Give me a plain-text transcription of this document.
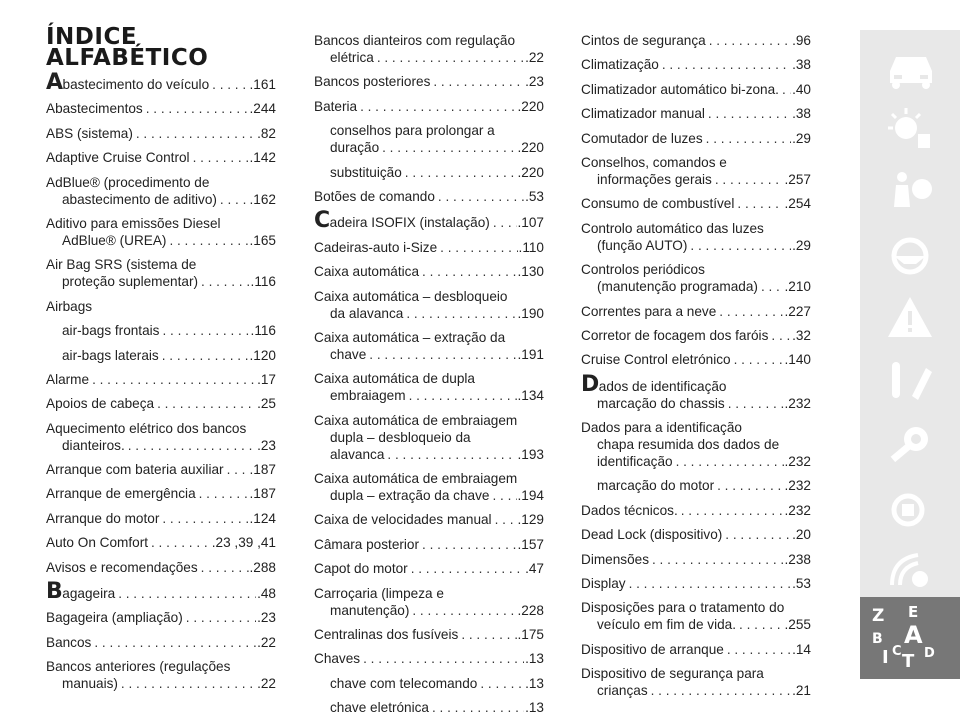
ÍNDICE
ALFABÉTICO
Abastecimento do veículo . . .	.161
Abastecimentos . . .	.244
ABS (sistema) . . .	.82
Adaptive Cruise Control . . .	.142
AdBlue® (procedimento de
abastecimento de aditivo) . . . .162
Aditivo para emissões Diesel
AdBlue® (UREA) . . .	.165
Air Bag SRS (sistema de
proteção suplementar) . . .	.116
Airbags
air-bags frontais . . .	.116
air-bags laterais . . .	.120
Alarme . . .	.17
Apoios de cabeça . . .	.25
Aquecimento elétrico dos bancos
dianteiros. . . .	.23
Arranque com bateria auxiliar . . . .187
Arranque de emergência . . .	.187
Arranque do motor . . .	.124
Auto On Comfort . . .	.23 ,39 ,41
Avisos e recomendações . . .	.288
Bagageira . . .	.48
Bagageira (ampliação) . . .	.23
Bancos . . .	.22
Bancos anteriores (regulações
manuais) . . .	.22
Bancos dianteiros com regulação
elétrica . . .	.22
Bancos posteriores . . .	.23
Bateria . . .	.220
conselhos para prolongar a
duração . . .	.220
substituição . . .	.220
Botões de comando . . .	.53
Cadeira ISOFIX (instalação) . . . .107
Cadeiras-auto i-Size . . .	.110
Caixa automática . . .	.130
Caixa automática – desbloqueio
da alavanca . . .	.190
Caixa automática – extração da
chave . . .	.191
Caixa automática de dupla
embraiagem . . .	.134
Caixa automática de embraiagem
dupla – desbloqueio da
alavanca . . .	.193
Caixa automática de embraiagem
dupla – extração da chave . . . .194
Caixa de velocidades manual . . . .129
Câmara posterior . . .	.157
Capot do motor . . .	.47
Carroçaria (limpeza e
manutenção) . . .	.228
Centralinas dos fusíveis . . .	.175
Chaves . . .	.13
chave com telecomando . . .	.13
chave eletrónica . . .	.13
Cintos de segurança . . .	.96
Climatização . . .	.38
Climatizador automático bi-zona. . . . .40
Climatizador manual . . .	.38
Comutador de luzes . . .	.29
Conselhos, comandos e
informações gerais . . .	.257
Consumo de combustível . . .	.254
Controlo automático das luzes
(função AUTO) . . .	.29
Controlos periódicos
(manutenção programada) . . . .210
Correntes para a neve . . .	.227
Corretor de focagem dos faróis . . . .32
Cruise Control eletrónico . . .	.140
Dados de identificação
marcação do chassis . . .	.232
Dados para a identificação
chapa resumida dos dados de
identificação . . .	.232
marcação do motor . . .	.232
Dados técnicos. . . .	.232
Dead Lock (dispositivo) . . .	.20
Dimensões . . .	.238
Display . . .	.53
Disposições para o tratamento do
veículo em fim de vida. . . .	.255
Dispositivo de arranque . . .	.14
Dispositivo de segurança para
crianças . . .	.21
Z E
B A
I C T D
